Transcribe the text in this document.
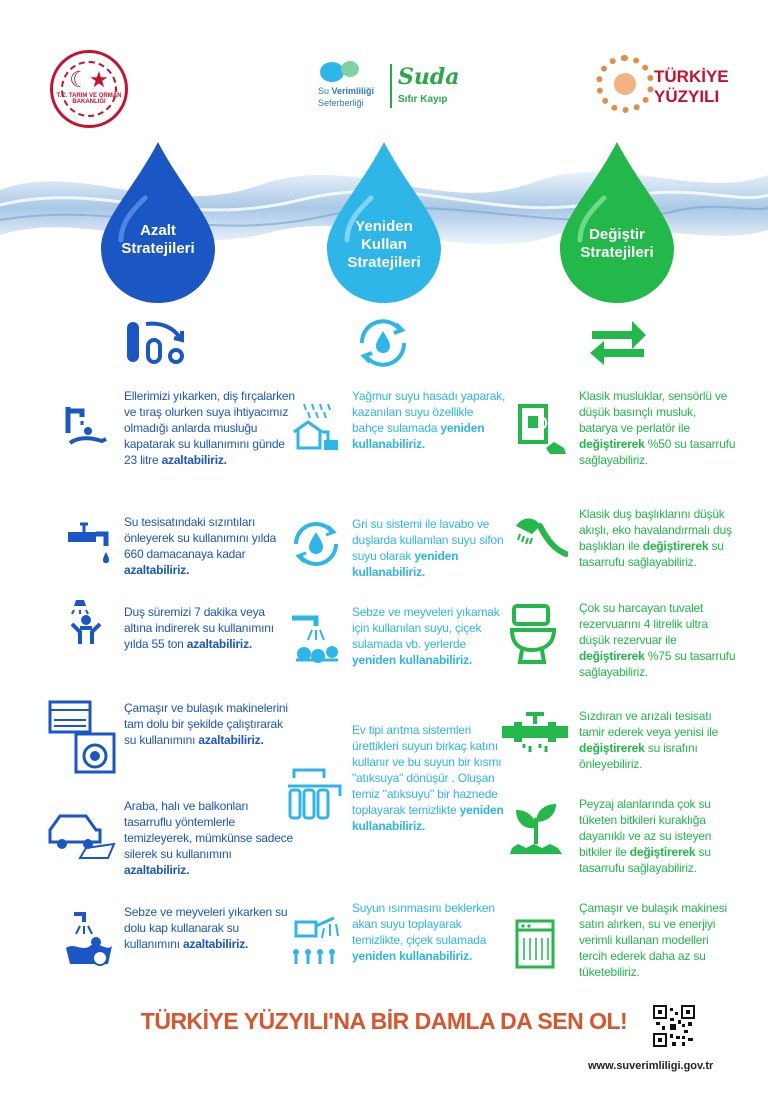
☾★
T.C. TARIM VE ORMAN BAKANLIĞI
Su Verimliliği
Seferberliği
Suda
Sıfır Kayıp
TÜRKİYE
YÜZYILI
Azalt
Stratejileri
Yeniden
Kullan
Stratejileri
Değiştir
Stratejileri
Ellerimizi yıkarken, diş fırçalarken ve tıraş olurken suya ihtiyacımız olmadığı anlarda musluğu kapatarak su kullanımını günde 23 litre azaltabiliriz.
Su tesisatındaki sızıntıları önleyerek su kullanımını yılda 660 damacanaya kadar azaltabiliriz.
Duş süremizi 7 dakika veya altına indirerek su kullanımını yılda 55 ton azaltabiliriz.
Çamaşır ve bulaşık makinelerini tam dolu bir şekilde çalıştırarak su kullanımını azaltabiliriz.
Araba, halı ve balkonları tasarruflu yöntemlerle temizleyerek, mümkünse sadece silerek su kullanımını azaltabiliriz.
Sebze ve meyveleri yıkarken su dolu kap kullanarak su kullanımını azaltabiliriz.
Yağmur suyu hasadı yaparak, kazanılan suyu özellikle bahçe sulamada yeniden kullanabiliriz.
Gri su sistemi ile lavabo ve duşlarda kullanılan suyu sifon suyu olarak yeniden kullanabiliriz.
Sebze ve meyveleri yıkamak için kullanılan suyu, çiçek sulamada vb. yerlerde yeniden kullanabiliriz.
Ev tipi arıtma sistemleri ürettikleri suyun birkaç katını kullanır ve bu suyun bir kısmı "atıksuya" dönüşür . Oluşan temiz "atıksuyu" bir haznede toplayarak temizlikte yeniden kullanabiliriz.
Suyun ısınmasını beklerken akan suyu toplayarak temizlikte, çiçek sulamada yeniden kullanabiliriz.
Klasik musluklar, sensörlü ve düşük basınçlı musluk, batarya ve perlatör ile değiştirerek %50 su tasarrufu sağlayabiliriz.
Klasik duş başlıklarını düşük akışlı, eko havalandırmalı duş başlıkları ile değiştirerek su tasarrufu sağlayabiliriz.
Çok su harcayan tuvalet rezervuarını 4 litrelik ultra düşük rezervuar ile değiştirerek %75 su tasarrufu sağlayabiliriz.
Sızdıran ve arızalı tesisatı tamir ederek veya yenisi ile değiştirerek su israfını önleyebiliriz.
Peyzaj alanlarında çok su tüketen bitkileri kuraklığa dayanıklı ve az su isteyen bitkiler ile değiştirerek su tasarrufu sağlayabiliriz.
Çamaşır ve bulaşık makinesi satın alırken, su ve enerjiyi verimli kullanan modelleri tercih ederek daha az su tüketebiliriz.
TÜRKİYE YÜZYILI'NA BİR DAMLA DA SEN OL!
www.suverimliligi.gov.tr
